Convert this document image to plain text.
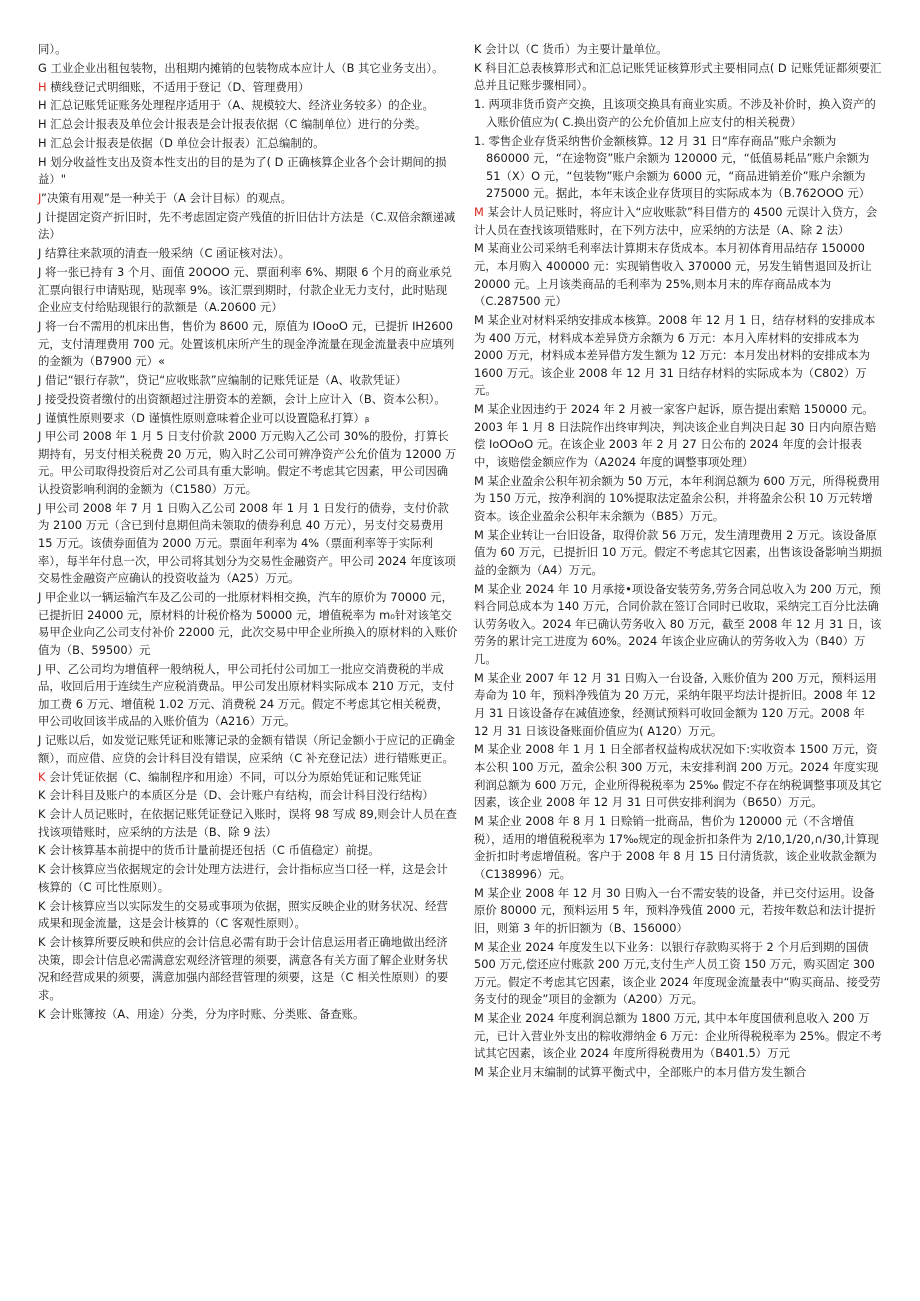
同）。

G 工业企业出租包装物，出租期内摊销的包装物成本应计人（B 其它业务支出）。

H 横线登记式明细账，不适用于登记（D、管理费用）

H 汇总记账凭证账务处理程序适用于（A、规模较大、经济业务较多）的企业。

H 汇总会计报表及单位会计报表是会计报表依据（C 编制单位）进行的分类。

H 汇总会计报表是依据（D 单位会计报表）汇总编制的。

H 划分收益性支出及资本性支出的目的是为了( D 正确核算企业各个会计期间的损益）"

J”决策有用观”是一种关于（A 会计目标）的观点。

J 计提固定资产折旧时，先不考虑固定资产残值的折旧估计方法是（C.双倍余额递减法）

J 结算往来款项的清查一般采纳（C 函证核对法）。

J 将一张已持有 3 个月、面值 20OOO 元、票面利率 6%、期限 6 个月的商业承兑汇票向银行申请贴现，贴现率 9%。该汇票到期时，付款企业无力支付，此时贴现企业应支付给贴现银行的款额是（A.20600 元）

J 将一台不需用的机床出售，售价为 8600 元，原值为 IOooO 元，已提折 IH2600 元，支付清理费用 700 元。处置该机床所产生的现金净流量在现金流量表中应填列的金额为（B7900 元）«

J 借记“银行存款”，贷记“应收账款”应编制的记账凭证是（A、收款凭证）

J 接受投资者缴付的出资额超过注册资本的差额，会计上应计入（B、资本公积）。

J 谨慎性原则要求（D 谨慎性原则意味着企业可以设置隐私打算）ᵦ

J 甲公司 2008 年 1 月 5 日支付价款 2000 万元购入乙公司 30%的股份，打算长期持有，另支付相关税费 20 万元，购入时乙公司可辨净资产公允价值为 12000 万元。甲公司取得投资后对乙公司具有重大影响。假定不考虑其它因素，甲公司因确认投资影响利润的金额为（C1580）万元。

J 甲公司 2008 年 7 月 1 日购入乙公司 2008 年 1 月 1 日发行的债券，支付价款为 2100 万元（含已到付息期但尚未领取的债券利息 40 万元），另支付交易费用 15 万元。该债券面值为 2000 万元。票面年利率为 4%（票面利率等于实际利率），每半年付息一次，甲公司将其划分为交易性金融资产。甲公司 2024 年度该项交易性金融资产应确认的投资收益为（A25）万元。

J 甲企业以一辆运输汽车及乙公司的一批原材料相交换，汽车的原价为 70000 元，已提折旧 24000 元，原材料的计税价格为 50000 元，增值税率为 m₀针对该笔交易甲企业向乙公司支付补价 22000 元，此次交易中甲企业所换入的原材料的入账价值为（B、59500）元

J 甲、乙公司均为增值秤一般纳税人，甲公司托付公司加工一批应交消费税的半成品，收回后用于连续生产应税消费品。甲公司发出原材料实际成本 210 万元，支付加工费 6 万元、增值税 1.02 万元、消费税 24 万元。假定不考虑其它相关税费，甲公司收回该半成品的入账价值为（A216）万元。

J 记账以后，如发觉记账凭证和账簿记录的金额有错误（所记金额小于应记的正确金额），而应借、应贷的会计科目没有错误，应采纳（C 补充登记法）进行错账更正。

K 会计凭证依据（C、编制程序和用途）不同，可以分为原始凭证和记账凭证

K 会计科目及账户的本质区分是（D、会计账户有结构，而会计科目没行结构）

K 会计人员记账时，在依据记账凭证登记入账时，误将 98 写成 89,则会计人员在查找该项错账时，应采纳的方法是（B、除 9 法）

K 会计核算基本前提中的货币计量前提还包括（C 币值稳定）前提。

K 会计核算应当依据规定的会计处理方法进行，会计指标应当口径一样，这是会计核算的（C 可比性原则）。

K 会计核算应当以实际发生的交易或事项为依据，照实反映企业的财务状况、经营成果和现金流量，这是会计核算的（C 客观性原则）。

K 会计核算所要反映和供应的会计信息必需有助于会计信息运用者正确地做出经济决策，即会计信息必需满意宏观经济管理的须要，满意各有关方面了解企业财务状况和经营成果的须要，满意加强内部经营管理的须要，这是（C 相关性原则）的要求。

K 会计账簿按（A、用途）分类，分为序时账、分类账、备查账。

K 会计以（C 货币）为主要计量单位。

K 科目汇总表核算形式和汇总记账凭证核算形式主要相同点( D 记账凭证都须要汇总并且记账步骤相同）。

1. 两项非货币资产交换，且该项交换具有商业实质。不涉及补价时，换入资产的入账价值应为( C.换出资产的公允价值加上应支付的相关税费）

1. 零售企业存货采纳售价金额核算。12 月 31 日“库存商品”账户余额为 860000 元，“在途物资”账户余额为 120000 元，“低值易耗品”账户余额为 51（X）O 元，“包装物”账户余额为 6000 元，“商品进销差价”账户余额为 275000 元。据此，本年末该企业存货项目的实际成本为（B.762OOO 元）

M 某会计人员记账时，将应计入“应收账款”科目借方的 4500 元误计入贷方，会计人员在查找该项错账时，在下列方法中，应采纳的方法是（A、除 2 法）

M 某商业公司采纳毛利率法计算期末存货成本。本月初体育用品结存 150000 元，本月购入 400000 元：实现销售收入 370000 元，另发生销售退回及折让 20000 元。上月该类商品的毛利率为 25%,则本月末的库存商品成本为（C.287500 元）

M 某企业对材料采纳安排成本核算。2008 年 12 月 1 日，结存材料的安排成本为 400 万元，材料成本差异贷方余额为 6 万元：本月入库材料的安排成本为 2000 万元，材料成本差异借方发生额为 12 万元：本月发出材料的安排成本为 1600 万元。该企业 2008 年 12 月 31 日结存材料的实际成本为（C802）万元。

M 某企业因违约于 2024 年 2 月被一家客户起诉，原告提出索赔 150000 元。2003 年 1 月 8 日法院作出终审判决，判决该企业自判决日起 30 日内向原告赔偿 IoOOoO 元。在该企业 2003 年 2 月 27 日公布的 2024 年度的会计报表中，该赔偿金额应作为（A2024 年度的调整事项处理）

M 某企业盈余公积年初余额为 50 万元，本年利润总额为 600 万元，所得税费用为 150 万元，按净利润的 10%提取法定盈余公积，并将盈余公积 10 万元转增资本。该企业盈余公积年末余额为（B85）万元。

M 某企业转让一台旧设备，取得价款 56 万元，发生清理费用 2 万元。该设备原值为 60 万元，已提折旧 10 万元。假定不考虑其它因素，出售该设备影响当期损益的金额为（A4）万元。

M 某企业 2024 年 10 月承接•项设备安装劳务,劳务合同总收入为 200 万元，预料合同总成本为 140 万元，合同价款在签订合同时已收取，采纳完工百分比法确认劳务收入。2024 年已确认劳务收入 80 万元，截至 2008 年 12 月 31 日，该劳务的累计完工进度为 60%。2024 年该企业应确认的劳务收入为（B40）万几。

M 某企业 2007 年 12 月 31 日购入一台设备, 入账价值为 200 万元，预料运用寿命为 10 年，预料净残值为 20 万元，采纳年限平均法计提折旧。2008 年 12 月 31 日该设备存在减值迹象，经测试预料可收回金额为 120 万元。2008 年 12 月 31 日该设备账面价值应为( A120）万元。

M 某企业 2008 年 1 月 1 日全部者权益构成状况如下:实收资本 1500 万元，资本公积 100 万元，盈余公积 300 万元，未安排利润 200 万元。2024 年度实现利润总额为 600 万元，企业所得税税率为 25‰ 假定不存在纳税调整事项及其它因素，该企业 2008 年 12 月 31 日可供安排利润为（B650）万元。

M 某企业 2008 年 8 月 1 日赊销一批商品，售价为 120000 元（不含增值税），适用的增值税税率为 17‰规定的现金折扣条件为 2/10,1/20,∩/30,计算现金折扣时考虑增值税。客户于 2008 年 8 月 15 日付清货款，该企业收款金额为（C138996）元。

M 某企业 2008 年 12 月 30 日购入一台不需安装的设备，并已交付运用。设备原价 80000 元，预料运用 5 年，预料净残值 2000 元，若按年数总和法计提折旧，则第 3 年的折旧额为（B、156000）

M 某企业 2024 年度发生以下业务：以银行存款购买将于 2 个月后到期的国债 500 万元,偿还应付账款 200 万元,支付生产人员工资 150 万元，购买固定 300 万元。假定不考虑其它因素，该企业 2024 年度现金流量表中“购买商品、接受劳务支付的现金”项目的金额为（A200）万元。

M 某企业 2024 年度利润总额为 1800 万元, 其中本年度国债利息收入 200 万元，已计入营业外支出的粽收滞纳金 6 万元：企业所得税税率为 25%。假定不考试其它因素，该企业 2024 年度所得税费用为（B401.5）万元

M 某企业月末编制的试算平衡式中，全部账户的本月借方发生额合
